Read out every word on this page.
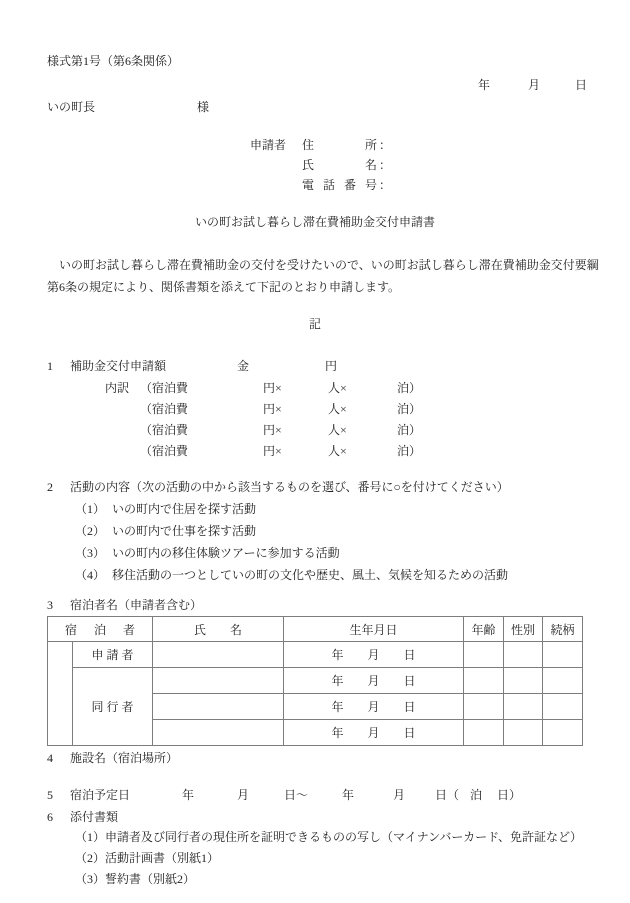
様式第1号（第6条関係）
年	月	日
いの町長	様
申請者 住所 ：
氏名 ：
電話番号 ：
いの町お試し暮らし滞在費補助金交付申請書
いの町お試し暮らし滞在費補助金の交付を受けたいので、いの町お試し暮らし滞在費補助金交付要綱
第6条の規定により、関係書類を添えて下記のとおり申請します。
記
1 補助金交付申請額	金	円
内訳 （宿泊費	円×	人×	泊）
（宿泊費	円×	人×	泊）
（宿泊費	円×	人×	泊）
（宿泊費	円×	人×	泊）
2 活動の内容（次の活動の中から該当するものを選び、番号に○を付けてください）
（1） いの町内で住居を探す活動
（2） いの町内で仕事を探す活動
（3） いの町内の移住体験ツアーに参加する活動
（4） 移住活動の一つとしていの町の文化や歴史、風土、気候を知るための活動
3 宿泊者名（申請者含む）
宿泊者		氏　　名	生年月日	年齢	性別	続柄
	申 請 者		年　　月　　日			
	同 行 者		年　　月　　日			
			年　　月　　日			
			年　　月　　日			
4 施設名（宿泊場所）
5 宿泊予定日	年	月	日～	年	月 日（ 泊 日）
6 添付書類
（1） 申請者及び同行者の現住所を証明できるものの写し（マイナンバーカード、免許証など）
（2） 活動計画書（別紙1）
（3） 誓約書（別紙2）
